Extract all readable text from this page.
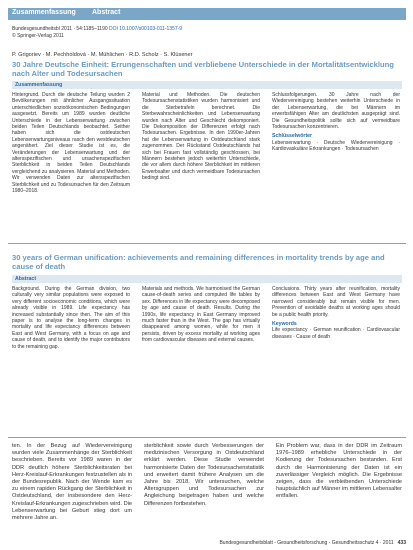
Zusammenfassung Abstract
Bundesgesundheitsbl 2011 · 54:1185–1190 DOI 10.1007/s00103-011-1357-9
© Springer-Verlag 2011
P. Grigoriev · M. Pechholdová · M. Mühlichen · R.D. Scholz · S. Klüsener
30 Jahre Deutsche Einheit: Errungenschaften und verbliebene Unterschiede in der Mortalitätsentwicklung nach Alter und Todesursachen
Zusammenfassung
Hintergrund. Durch die deutsche Teilung wurden 2 Bevölkerungen mit ähnlicher Ausgangssituation unterschiedlichen sozioökonomischen Bedingungen ausgesetzt. Bereits um 1989 wurden deutliche Unterschiede in der Lebenserwartung zwischen beiden Teilen Deutschlands beobachtet. Seither haben sich die ostdeutschen Lebenserwartungsniveaus rasch den westdeutschen angenähert. Ziel dieser Studie ist es, die Veränderungen der Lebenserwartung und der altersspezifischen und ursachenspezifischen Sterblichkeit in beiden Teilen Deutschlands vergleichend zu analysieren. Material und Methoden. Wir verwenden Daten zur altersspezifischen Sterblichkeit und zu Todesursachen für den Zeitraum 1980–2018.
Material und Methoden. Die deutschen Todesursachenstatistiken wurden harmonisiert und die Sterbetrafeln berechnet. Die Sterbewahrscheinlichkeiten und Lebenserwartung wurden nach Alter und Geschlecht dekomponiert. Die Dekomposition der Differenzen erfolgt nach Todesursachen. Ergebnisse. In den 1990er-Jahren hat die Lebenserwartung in Ostdeutschland stark zugenommen. Der Rückstand Ostdeutschlands hat sich bei Frauen fast vollständig geschlossen, bei Männern bestehen jedoch weiterhin Unterschiede, die vor allem durch höhere Sterblichkeit im mittleren Erwerbsalter und durch vermeidbare Todesursachen bedingt sind.
Schlussfolgerungen. 30 Jahre nach der Wiedervereinigung bestehen weiterhin Unterschiede in der Lebenserwartung, die bei Männern im erwerbsfähigen Alter am deutlichsten ausgeprägt sind. Die Gesundheitspolitik sollte sich auf vermeidbare Todesursachen konzentrieren.
Schlüsselwörter
Lebenserwartung · Deutsche Wiedervereinigung · Kardiovaskuläre Erkrankungen · Todesursachen
30 years of German unification: achievements and remaining differences in mortality trends by age and cause of death
Abstract
Background. During the German division, two culturally very similar populations were exposed to very different socioeconomic conditions, which were already visible in 1989. Life expectancy has increased substantially since then. The aim of this paper is to analyse the long-term changes in mortality and life expectancy differences between East and West Germany, with a focus on age and cause of death, and to identify the major contributors to the remaining gap.
Materials and methods. We harmonised the German cause-of-death series and computed life tables by sex. Differences in life expectancy were decomposed by age and cause of death. Results. During the 1990s, life expectancy in East Germany improved much faster than in the West. The gap has virtually disappeared among women, while for men it persists, driven by excess mortality at working ages from cardiovascular diseases and external causes.
Conclusions. Thirty years after reunification, mortality differences between East and West Germany have narrowed considerably but remain visible for men. Prevention of avoidable deaths at working ages should be a public health priority.
Keywords
Life expectancy · German reunification · Cardiovascular diseases · Cause of death
ten. In der Bezug auf Wiedervereinigung wurden viele Zusammenhänge der Sterblichkeit beschrieben. Bereits vor 1989 waren in der DDR deutlich höhere Sterblichkeitsraten bei Herz-Kreislauf-Erkrankungen festzustellen als in der Bundesrepublik. Nach der Wende kam es zu einem rapiden Rückgang der Sterblichkeit in Ostdeutschland, der insbesondere den Herz-Kreislauf-Erkrankungen zugeschrieben wird. Die Lebenserwartung bei Geburt stieg dort um mehrere Jahre an.
sterblichkeit sowie durch Verbesserungen der medizinischen Versorgung in Ostdeutschland erklärt werden. Diese Studie verwendet harmonisierte Daten der Todesursachenstatistik und erweitert damit frühere Analysen um die Jahre bis 2018. Wir untersuchen, welche Altersgruppen und Todesursachen zur Angleichung beigetragen haben und welche Differenzen fortbestehen.
Ein Problem war, dass in der DDR im Zeitraum 1976–1989 erhebliche Unterschiede in der Kodierung der Todesursachen bestanden. Erst durch die Harmonisierung der Daten ist ein zuverlässiger Vergleich möglich. Die Ergebnisse zeigen, dass die verbleibenden Unterschiede hauptsächlich auf Männer im mittleren Lebensalter entfallen.
Bundesgesundheitsblatt - Gesundheitsforschung - Gesundheitsschutz 4 · 2011 433
